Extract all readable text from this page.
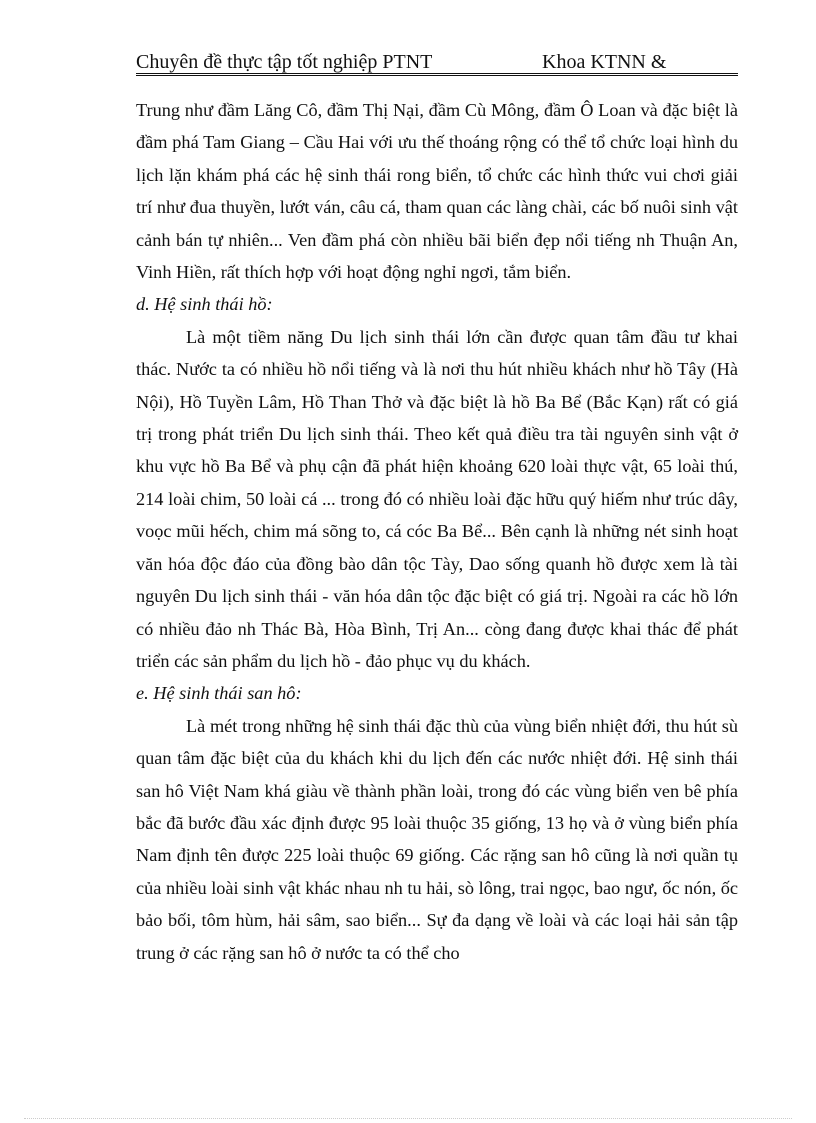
Chuyên đề thực tập tốt nghiệp PTNT	Khoa KTNN &

Trung như đầm Lăng Cô, đầm Thị Nại, đầm Cù Mông, đầm Ô Loan và đặc biệt là đầm phá Tam Giang – Cầu Hai với ưu thế thoáng rộng có thể tổ chức loại hình du lịch lặn khám phá các hệ sinh thái rong biển, tổ chức các hình thức vui chơi giải trí như đua thuyền, lướt ván, câu cá, tham quan các làng chài, các bố nuôi sinh vật cảnh bán tự nhiên... Ven đầm phá còn nhiều bãi biển đẹp nổi tiếng nh Thuận An, Vinh Hiền, rất thích hợp với hoạt động nghỉ ngơi, tắm biển.

d. Hệ sinh thái hồ:

Là một tiềm năng Du lịch sinh thái lớn cần được quan tâm đầu tư khai thác. Nước ta có nhiều hồ nổi tiếng và là nơi thu hút nhiều khách như hồ Tây (Hà Nội), Hồ Tuyền Lâm, Hồ Than Thở và đặc biệt là hồ Ba Bể (Bắc Kạn) rất có giá trị trong phát triển Du lịch sinh thái. Theo kết quả điều tra tài nguyên sinh vật ở khu vực hồ Ba Bể và phụ cận đã phát hiện khoảng 620 loài thực vật, 65 loài thú, 214 loài chim, 50 loài cá ... trong đó có nhiều loài đặc hữu quý hiếm như trúc dây, voọc mũi hếch, chim má sõng to, cá cóc Ba Bể... Bên cạnh là những nét sinh hoạt văn hóa độc đáo của đồng bào dân tộc Tày, Dao sống quanh hồ được xem là tài nguyên Du lịch sinh thái - văn hóa dân tộc đặc biệt có giá trị. Ngoài ra các hồ lớn có nhiều đảo nh Thác Bà, Hòa Bình, Trị An... còng đang được khai thác để phát triển các sản phẩm du lịch hồ - đảo phục vụ du khách.

e. Hệ sinh thái san hô:

Là mét trong những hệ sinh thái đặc thù của vùng biển nhiệt đới, thu hút sù quan tâm đặc biệt của du khách khi du lịch đến các nước nhiệt đới. Hệ sinh thái san hô Việt Nam khá giàu về thành phần loài, trong đó các vùng biển ven bê phía bắc đã bước đầu xác định được 95 loài thuộc 35 giống, 13 họ và ở vùng biển phía Nam định tên được 225 loài thuộc 69 giống. Các rặng san hô cũng là nơi quần tụ của nhiều loài sinh vật khác nhau nh tu hải, sò lông, trai ngọc, bao ngư, ốc nón, ốc bảo bối, tôm hùm, hải sâm, sao biển... Sự đa dạng về loài và các loại hải sản tập trung ở các rặng san hô ở nước ta có thể cho
